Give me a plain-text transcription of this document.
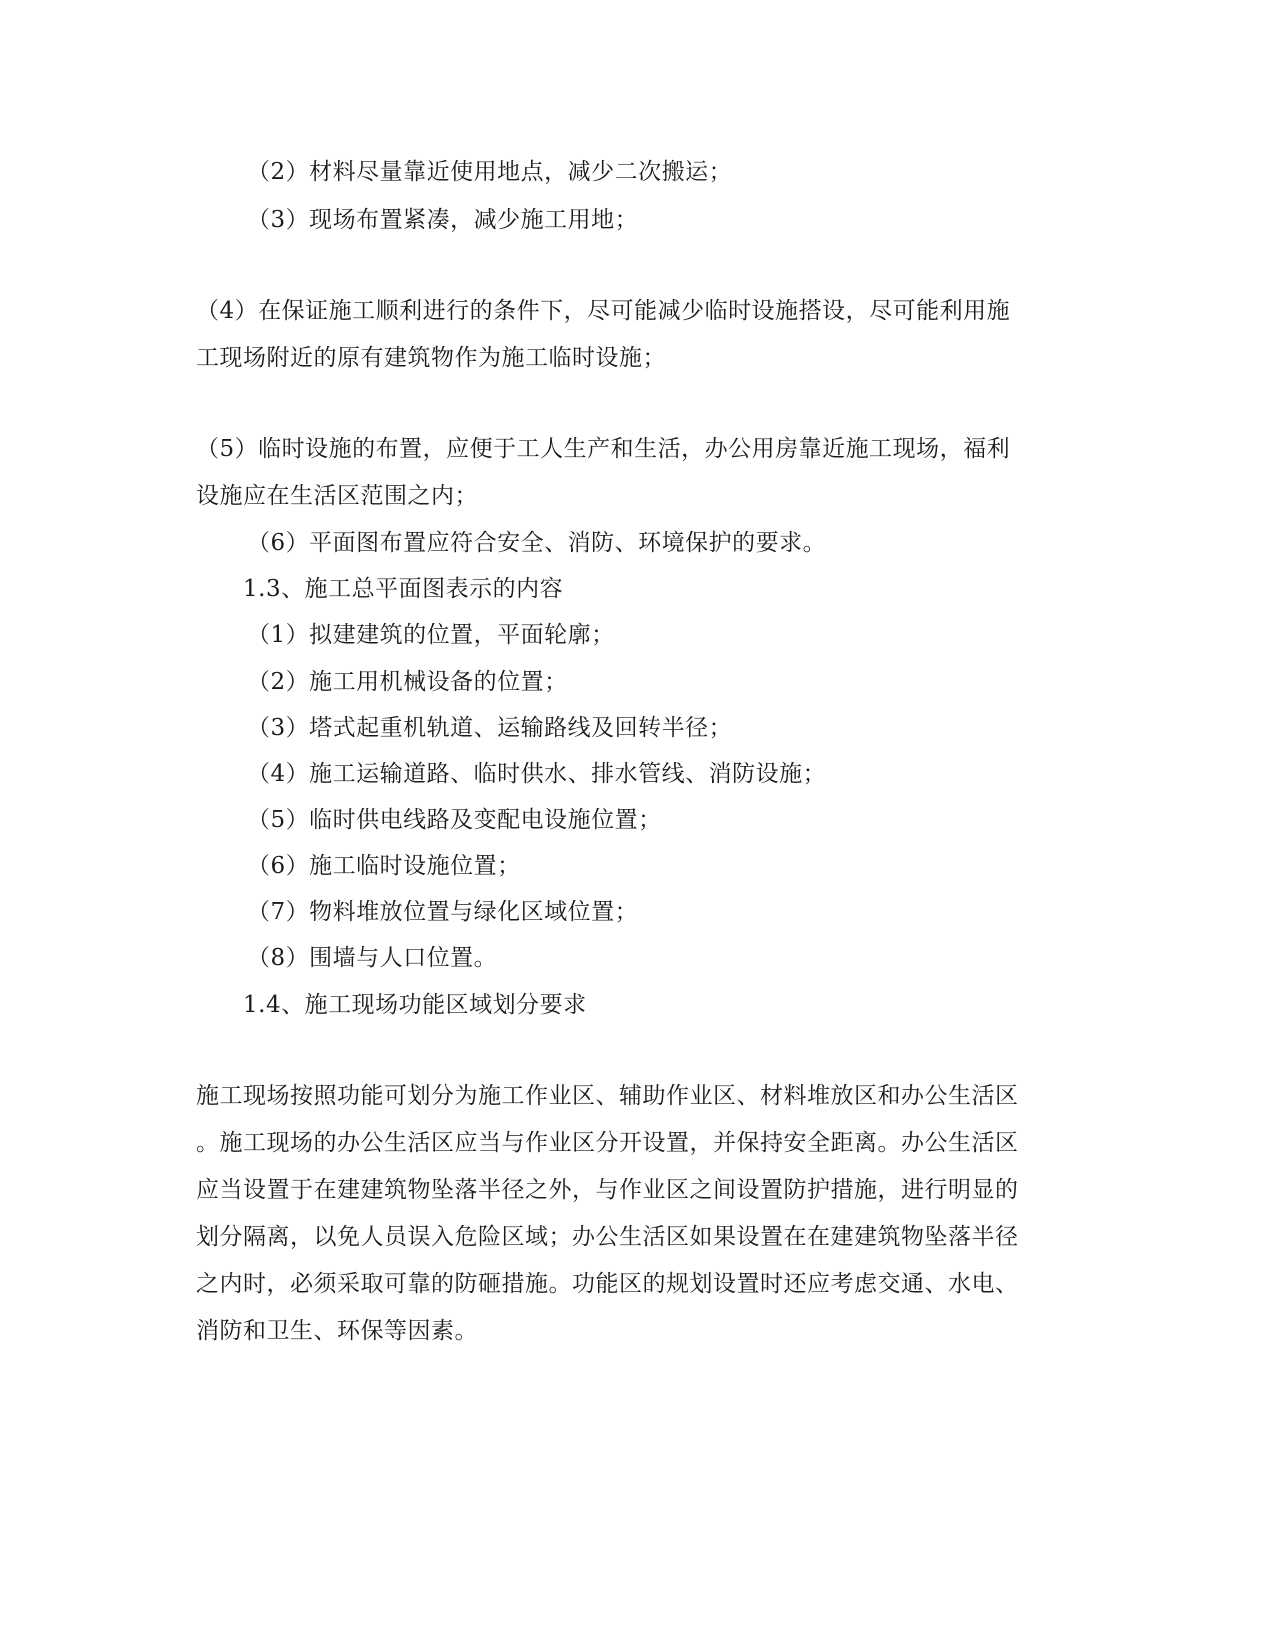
（2）材料尽量靠近使用地点，减少二次搬运；
（3）现场布置紧凑，减少施工用地；
（4）在保证施工顺利进行的条件下，尽可能减少临时设施搭设，尽可能利用施
工现场附近的原有建筑物作为施工临时设施；
（5）临时设施的布置，应便于工人生产和生活，办公用房靠近施工现场，福利
设施应在生活区范围之内；
（6）平面图布置应符合安全、消防、环境保护的要求。
1.3、施工总平面图表示的内容
（1）拟建建筑的位置，平面轮廓；
（2）施工用机械设备的位置；
（3）塔式起重机轨道、运输路线及回转半径；
（4）施工运输道路、临时供水、排水管线、消防设施；
（5）临时供电线路及变配电设施位置；
（6）施工临时设施位置；
（7）物料堆放位置与绿化区域位置；
（8）围墙与人口位置。
1.4、施工现场功能区域划分要求
施工现场按照功能可划分为施工作业区、辅助作业区、材料堆放区和办公生活区
。施工现场的办公生活区应当与作业区分开设置，并保持安全距离。办公生活区
应当设置于在建建筑物坠落半径之外，与作业区之间设置防护措施，进行明显的
划分隔离，以免人员误入危险区域；办公生活区如果设置在在建建筑物坠落半径
之内时，必须采取可靠的防砸措施。功能区的规划设置时还应考虑交通、水电、
消防和卫生、环保等因素。
